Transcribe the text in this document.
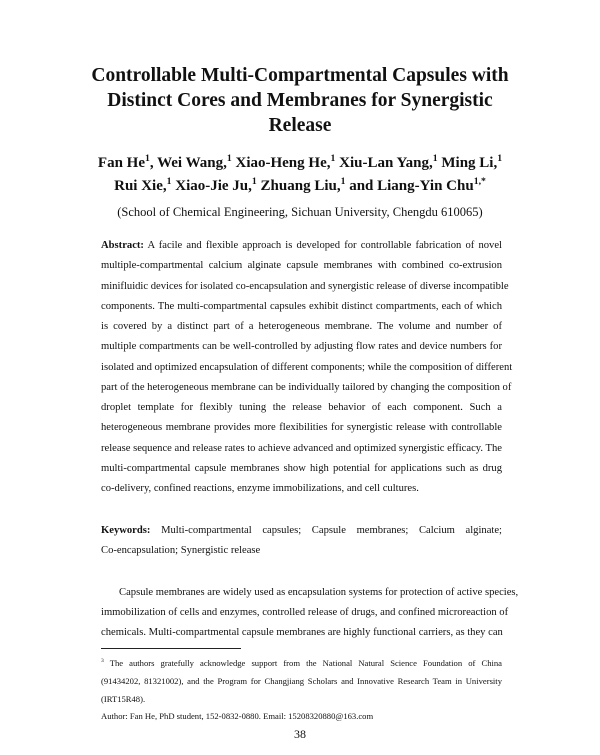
Controllable Multi-Compartmental Capsules with
Distinct Cores and Membranes for Synergistic
Release
Fan He$^1$, Wei Wang,$^1$ Xiao-Heng He,$^1$ Xiu-Lan Yang,$^1$ Ming Li,$^1$
Rui Xie,$^1$ Xiao-Jie Ju,$^1$ Zhuang Liu,$^1$ and Liang-Yin Chu$^{1,*}$
(School of Chemical Engineering, Sichuan University, Chengdu 610065)
Abstract: A facile and flexible approach is developed for controllable fabrication of novel
multiple-compartmental calcium alginate capsule membranes with combined co-extrusion
minifluidic devices for isolated co-encapsulation and synergistic release of diverse incompatible
components. The multi-compartmental capsules exhibit distinct compartments, each of which
is covered by a distinct part of a heterogeneous membrane. The volume and number of
multiple compartments can be well-controlled by adjusting flow rates and device numbers for
isolated and optimized encapsulation of different components; while the composition of different
part of the heterogeneous membrane can be individually tailored by changing the composition of
droplet template for flexibly tuning the release behavior of each component. Such a
heterogeneous membrane provides more flexibilities for synergistic release with controllable
release sequence and release rates to achieve advanced and optimized synergistic efficacy. The
multi-compartmental capsule membranes show high potential for applications such as drug
co-delivery, confined reactions, enzyme immobilizations, and cell cultures.
Keywords: Multi-compartmental capsules; Capsule membranes; Calcium alginate;
Co-encapsulation; Synergistic release
Capsule membranes are widely used as encapsulation systems for protection of active species,
immobilization of cells and enzymes, controlled release of drugs, and confined microreaction of
chemicals. Multi-compartmental capsule membranes are highly functional carriers, as they can
$^3$ The authors gratefully acknowledge support from the National Natural Science Foundation of China
(91434202, 81321002), and the Program for Changjiang Scholars and Innovative Research Team in University
(IRT15R48).
Author: Fan He, PhD student, 152-0832-0880. Email: 15208320880@163.com
38
